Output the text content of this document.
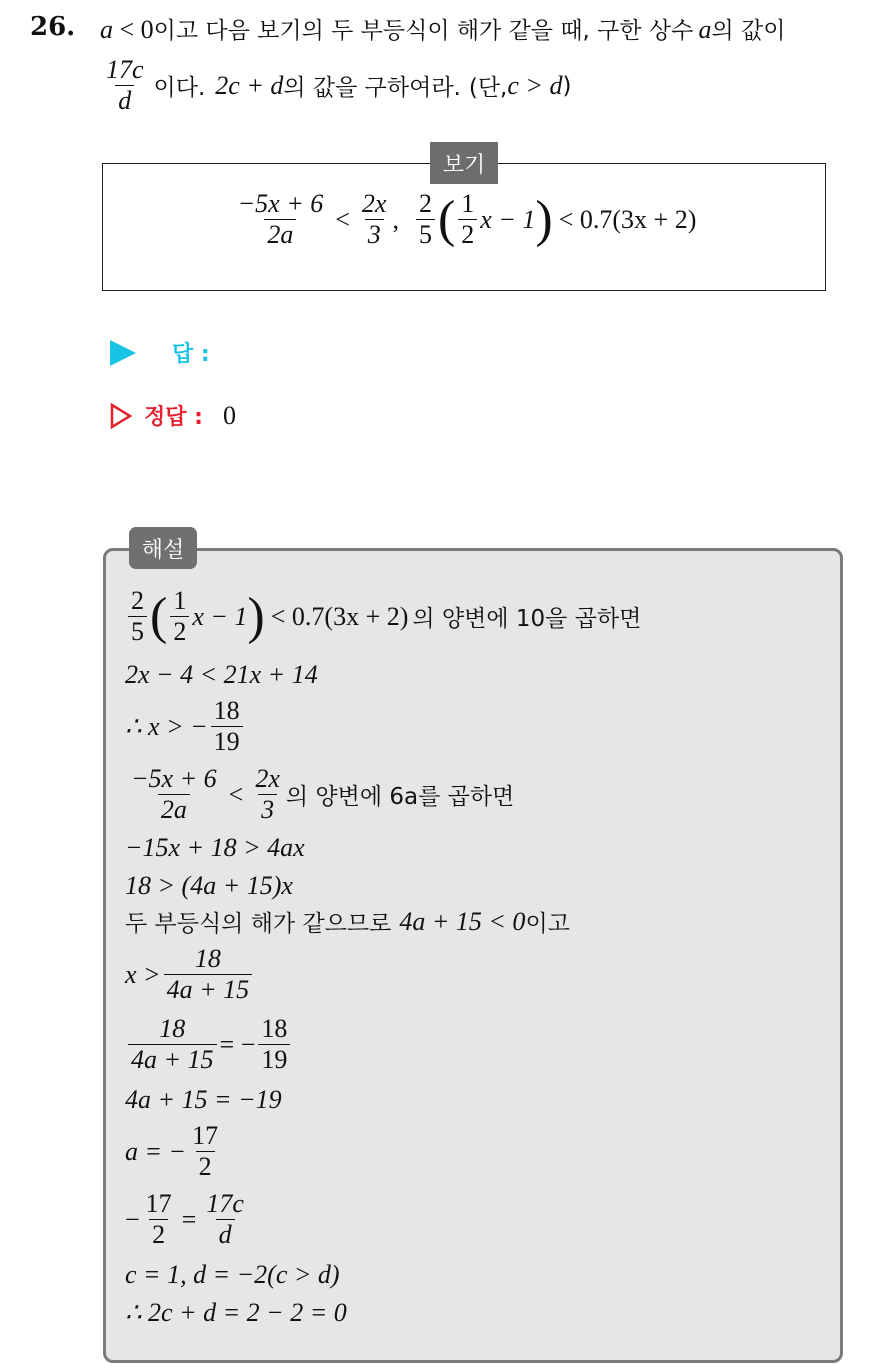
26. a < 0이고 다음 보기의 두 부등식이 해가 같을 때, 구한 상수 a의 값이
$\frac{17c}{d}$ 이다. 2c + d 의 값을 구하여라. (단, c > d )
$\frac{-5x + 6}{2a} < \frac{2x}{3}$ , $\frac{2}{5}$ ( $\frac{1}{2}$ x − 1 ) < 0.7(3x + 2)
보기
답 :
정답 : 0
해설
$\frac{2}{5}$ ( $\frac{1}{2}$ x − 1 ) < 0.7(3x + 2) 의 양변에 10을 곱하면
2x − 4 < 21x + 14
∴ x > − $\frac{18}{19}$
$\frac{-5x + 6}{2a} < \frac{2x}{3}$ 의 양변에 6a를 곱하면
−15x + 18 > 4ax
18 > (4a + 15)x
두 부등식의 해가 같으므로 4a + 15 < 0 이고
$x > \frac{18}{4a + 15}$
$\frac{18}{4a + 15}$ = − $\frac{18}{19}$
4a + 15 = −19
a = − $\frac{17}{2}$
− $\frac{17}{2} = \frac{17c}{d}$
c = 1, d = −2(c > d)
∴ 2c + d = 2 − 2 = 0
